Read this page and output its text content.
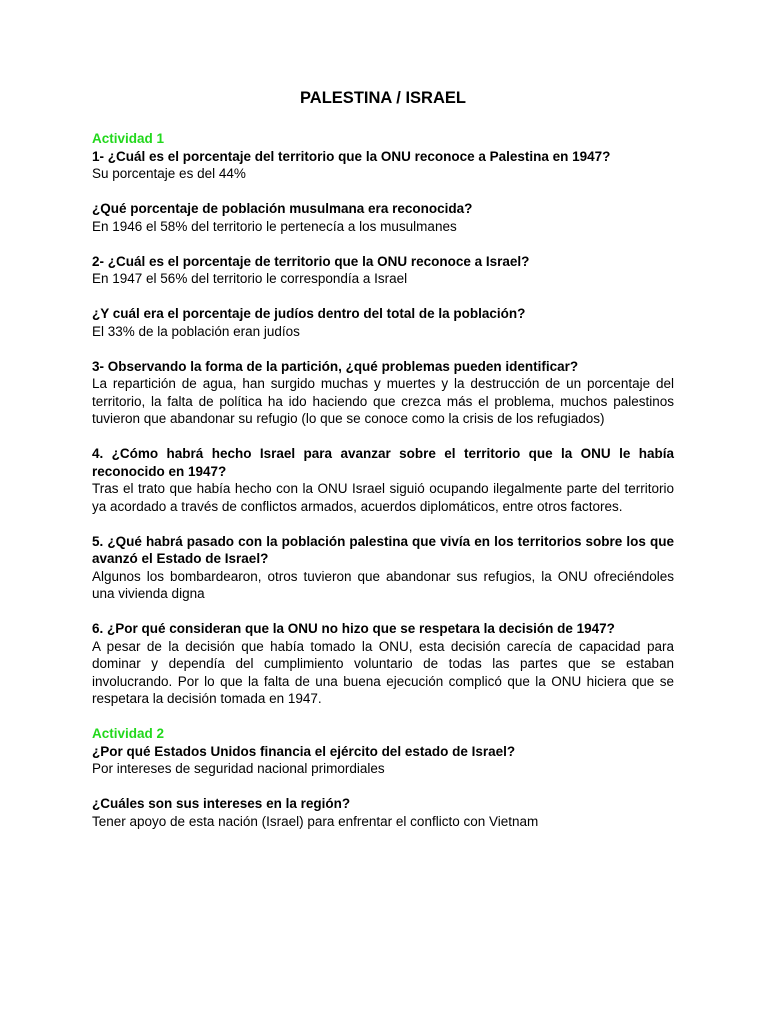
PALESTINA / ISRAEL

Actividad 1

1- ¿Cuál es el porcentaje del territorio que la ONU reconoce a Palestina en 1947?

Su porcentaje es del 44%

¿Qué porcentaje de población musulmana era reconocida?

En 1946 el 58% del territorio le pertenecía a los musulmanes

2- ¿Cuál es el porcentaje de territorio que la ONU reconoce a Israel?

En 1947 el 56% del territorio le correspondía a Israel

¿Y cuál era el porcentaje de judíos dentro del total de la población?

El 33% de la población eran judíos

3- Observando la forma de la partición, ¿qué problemas pueden identificar?

La repartición de agua, han surgido muchas y muertes y la destrucción de un porcentaje del territorio, la falta de política ha ido haciendo que crezca más el problema, muchos palestinos tuvieron que abandonar su refugio (lo que se conoce como la crisis de los refugiados)

4. ¿Cómo habrá hecho Israel para avanzar sobre el territorio que la ONU le había reconocido en 1947?

Tras el trato que había hecho con la ONU Israel siguió ocupando ilegalmente parte del territorio ya acordado a través de conflictos armados, acuerdos diplomáticos, entre otros factores.

5. ¿Qué habrá pasado con la población palestina que vivía en los territorios sobre los que avanzó el Estado de Israel?

Algunos los bombardearon, otros tuvieron que abandonar sus refugios, la ONU ofreciéndoles una vivienda digna

6. ¿Por qué consideran que la ONU no hizo que se respetara la decisión de 1947?

A pesar de la decisión que había tomado la ONU, esta decisión carecía de capacidad para dominar y dependía del cumplimiento voluntario de todas las partes que se estaban involucrando. Por lo que la falta de una buena ejecución complicó que la ONU hiciera que se respetara la decisión tomada en 1947.

Actividad 2

¿Por qué Estados Unidos financia el ejército del estado de Israel?

Por intereses de seguridad nacional primordiales

¿Cuáles son sus intereses en la región?

Tener apoyo de esta nación (Israel) para enfrentar el conflicto con Vietnam
